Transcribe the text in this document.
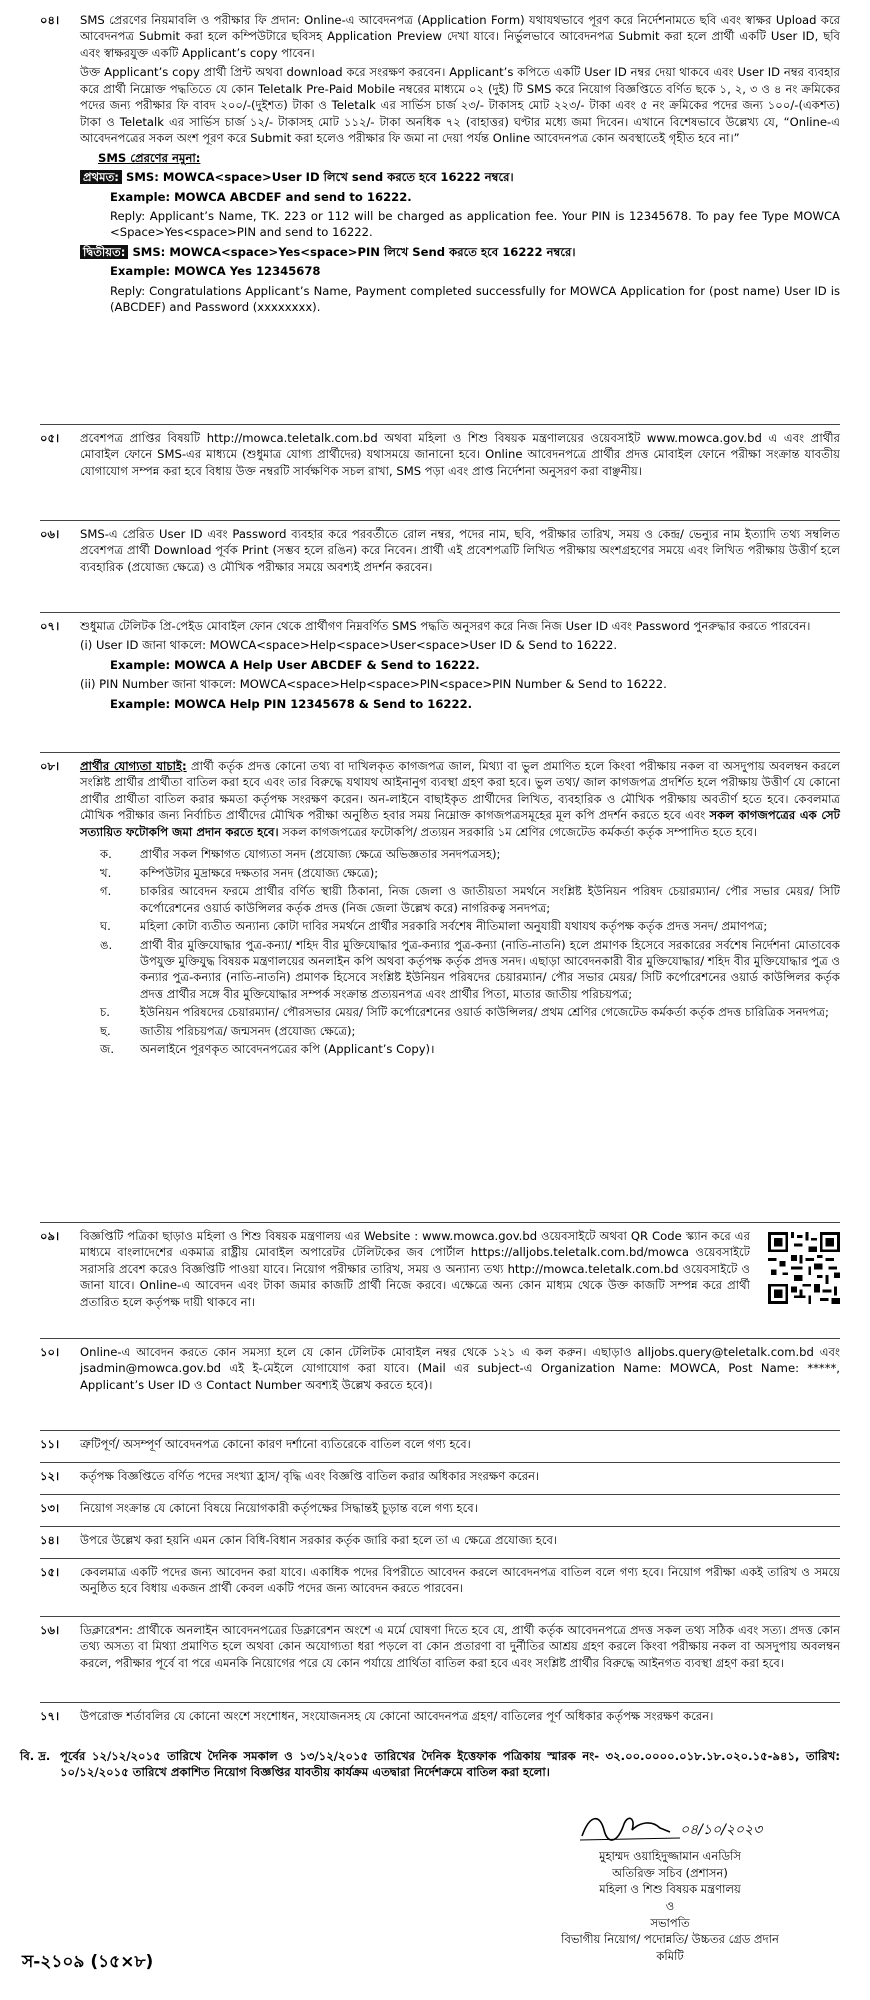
০৪।	SMS প্রেরণের নিয়মাবলি ও পরীক্ষার ফি প্রদান: Online-এ আবেদনপত্র (Application Form) যথাযথভাবে পূরণ করে নির্দেশনামতে ছবি এবং স্বাক্ষর Upload করে আবেদনপত্র Submit করা হলে কম্পিউটারে ছবিসহ Application Preview দেখা যাবে। নির্ভুলভাবে আবেদনপত্র Submit করা হলে প্রার্থী একটি User ID, ছবি এবং স্বাক্ষরযুক্ত একটি Applicant’s copy পাবেন।

উক্ত Applicant’s copy প্রার্থী প্রিন্ট অথবা download করে সংরক্ষণ করবেন। Applicant’s কপিতে একটি User ID নম্বর দেয়া থাকবে এবং User ID নম্বর ব্যবহার করে প্রার্থী নিম্নোক্ত পদ্ধতিতে যে কোন Teletalk Pre-Paid Mobile নম্বরের মাধ্যমে ০২ (দুই) টি SMS করে নিয়োগ বিজ্ঞপ্তিতে বর্ণিত ছকে ১, ২, ৩ ও ৪ নং ক্রমিকের পদের জন্য পরীক্ষার ফি বাবদ ২০০/-(দুইশত) টাকা ও Teletalk এর সার্ভিস চার্জ ২৩/- টাকাসহ মোট ২২৩/- টাকা এবং ৫ নং ক্রমিকের পদের জন্য ১০০/-(একশত) টাকা ও Teletalk এর সার্ভিস চার্জ ১২/- টাকাসহ মোট ১১২/- টাকা অনধিক ৭২ (বাহাত্তর) ঘণ্টার মধ্যে জমা দিবেন। এখানে বিশেষভাবে উল্লেখ্য যে, “Online-এ আবেদনপত্রের সকল অংশ পূরণ করে Submit করা হলেও পরীক্ষার ফি জমা না দেয়া পর্যন্ত Online আবেদনপত্র কোন অবস্থাতেই গৃহীত হবে না।”

SMS প্রেরণের নমুনা:

প্রথমত: SMS: MOWCA<space>User ID লিখে send করতে হবে 16222 নম্বরে।

Example: MOWCA ABCDEF and send to 16222.

Reply: Applicant’s Name, TK. 223 or 112 will be charged as application fee. Your PIN is 12345678. To pay fee Type MOWCA <Space>Yes<space>PIN and send to 16222.

দ্বিতীয়ত: SMS: MOWCA<space>Yes<space>PIN লিখে Send করতে হবে 16222 নম্বরে।

Example: MOWCA Yes 12345678

Reply: Congratulations Applicant’s Name, Payment completed successfully for MOWCA Application for (post name) User ID is (ABCDEF) and Password (xxxxxxxx).

০৫।	প্রবেশপত্র প্রাপ্তির বিষয়টি http://mowca.teletalk.com.bd অথবা মহিলা ও শিশু বিষয়ক মন্ত্রণালয়ের ওয়েবসাইট www.mowca.gov.bd এ এবং প্রার্থীর মোবাইল ফোনে SMS-এর মাধ্যমে (শুধুমাত্র যোগ্য প্রার্থীদের) যথাসময়ে জানানো হবে। Online আবেদনপত্রে প্রার্থীর প্রদত্ত মোবাইল ফোনে পরীক্ষা সংক্রান্ত যাবতীয় যোগাযোগ সম্পন্ন করা হবে বিধায় উক্ত নম্বরটি সার্বক্ষণিক সচল রাখা, SMS পড়া এবং প্রাপ্ত নির্দেশনা অনুসরণ করা বাঞ্ছনীয়।

০৬।	SMS-এ প্রেরিত User ID এবং Password ব্যবহার করে পরবর্তীতে রোল নম্বর, পদের নাম, ছবি, পরীক্ষার তারিখ, সময় ও কেন্দ্র/ ভেন্যুর নাম ইত্যাদি তথ্য সম্বলিত প্রবেশপত্র প্রার্থী Download পূর্বক Print (সম্ভব হলে রঙিন) করে নিবেন। প্রার্থী এই প্রবেশপত্রটি লিখিত পরীক্ষায় অংশগ্রহণের সময়ে এবং লিখিত পরীক্ষায় উত্তীর্ণ হলে ব্যবহারিক (প্রযোজ্য ক্ষেত্রে) ও মৌখিক পরীক্ষার সময়ে অবশ্যই প্রদর্শন করবেন।

০৭।	শুধুমাত্র টেলিটক প্রি-পেইড মোবাইল ফোন থেকে প্রার্থীগণ নিম্নবর্ণিত SMS পদ্ধতি অনুসরণ করে নিজ নিজ User ID এবং Password পুনরুদ্ধার করতে পারবেন।

(i) User ID জানা থাকলে: MOWCA<space>Help<space>User<space>User ID & Send to 16222.

Example: MOWCA A Help User ABCDEF & Send to 16222.

(ii) PIN Number জানা থাকলে: MOWCA<space>Help<space>PIN<space>PIN Number & Send to 16222.

Example: MOWCA Help PIN 12345678 & Send to 16222.

০৮।	প্রার্থীর যোগ্যতা যাচাই: প্রার্থী কর্তৃক প্রদত্ত কোনো তথ্য বা দাখিলকৃত কাগজপত্র জাল, মিথ্যা বা ভুল প্রমাণিত হলে কিংবা পরীক্ষায় নকল বা অসদুপায় অবলম্বন করলে সংশ্লিষ্ট প্রার্থীর প্রার্থীতা বাতিল করা হবে এবং তার বিরুদ্ধে যথাযথ আইনানুগ ব্যবস্থা গ্রহণ করা হবে। ভুল তথ্য/ জাল কাগজপত্র প্রদর্শিত হলে পরীক্ষায় উত্তীর্ণ যে কোনো প্রার্থীর প্রার্থীতা বাতিল করার ক্ষমতা কর্তৃপক্ষ সংরক্ষণ করেন। অন-লাইনে বাছাইকৃত প্রার্থীদের লিখিত, ব্যবহারিক ও মৌখিক পরীক্ষায় অবতীর্ণ হতে হবে। কেবলমাত্র মৌখিক পরীক্ষার জন্য নির্বাচিত প্রার্থীদের মৌখিক পরীক্ষা অনুষ্ঠিত হবার সময় নিম্নোক্ত কাগজপত্রসমূহের মূল কপি প্রদর্শন করতে হবে এবং সকল কাগজপত্রের এক সেট সত্যায়িত ফটোকপি জমা প্রদান করতে হবে। সকল কাগজপত্রের ফটোকপি/ প্রত্যয়ন সরকারি ১ম শ্রেণির গেজেটেড কর্মকর্তা কর্তৃক সম্পাদিত হতে হবে।

ক.	প্রার্থীর সকল শিক্ষাগত যোগ্যতা সনদ (প্রযোজ্য ক্ষেত্রে অভিজ্ঞতার সনদপত্রসহ);
খ.	কম্পিউটার মুদ্রাক্ষরে দক্ষতার সনদ (প্রযোজ্য ক্ষেত্রে);
গ.	চাকরির আবেদন ফরমে প্রার্থীর বর্ণিত স্থায়ী ঠিকানা, নিজ জেলা ও জাতীয়তা সমর্থনে সংশ্লিষ্ট ইউনিয়ন পরিষদ চেয়ারম্যান/ পৌর সভার মেয়র/ সিটি কর্পোরেশনের ওয়ার্ড কাউন্সিলর কর্তৃক প্রদত্ত (নিজ জেলা উল্লেখ করে) নাগরিকত্ব সনদপত্র;
ঘ.	মহিলা কোটা ব্যতীত অন্যান্য কোটা দাবির সমর্থনে প্রার্থীর সরকারি সর্বশেষ নীতিমালা অনুযায়ী যথাযথ কর্তৃপক্ষ কর্তৃক প্রদত্ত সনদ/ প্রমাণপত্র;
ঙ.	প্রার্থী বীর মুক্তিযোদ্ধার পুত্র-কন্যা/ শহিদ বীর মুক্তিযোদ্ধার পুত্র-কন্যার পুত্র-কন্যা (নাতি-নাতনি) হলে প্রমাণক হিসেবে সরকারের সর্বশেষ নির্দেশনা মোতাবেক উপযুক্ত মুক্তিযুদ্ধ বিষয়ক মন্ত্রণালয়ের অনলাইন কপি অথবা কর্তৃপক্ষ কর্তৃক প্রদত্ত সনদ। এছাড়া আবেদনকারী বীর মুক্তিযোদ্ধার/ শহিদ বীর মুক্তিযোদ্ধার পুত্র ও কন্যার পুত্র-কন্যার (নাতি-নাতনি) প্রমাণক হিসেবে সংশ্লিষ্ট ইউনিয়ন পরিষদের চেয়ারম্যান/ পৌর সভার মেয়র/ সিটি কর্পোরেশনের ওয়ার্ড কাউন্সিলর কর্তৃক প্রদত্ত প্রার্থীর সঙ্গে বীর মুক্তিযোদ্ধার সম্পর্ক সংক্রান্ত প্রত্যয়নপত্র এবং প্রার্থীর পিতা, মাতার জাতীয় পরিচয়পত্র;
চ.	ইউনিয়ন পরিষদের চেয়ারম্যান/ পৌরসভার মেয়র/ সিটি কর্পোরেশনের ওয়ার্ড কাউন্সিলর/ প্রথম শ্রেণির গেজেটেড কর্মকর্তা কর্তৃক প্রদত্ত চারিত্রিক সনদপত্র;
ছ.	জাতীয় পরিচয়পত্র/ জন্মসনদ (প্রযোজ্য ক্ষেত্রে);
জ.	অনলাইনে পূরণকৃত আবেদনপত্রের কপি (Applicant’s Copy)।
০৯।	বিজ্ঞপ্তিটি পত্রিকা ছাড়াও মহিলা ও শিশু বিষয়ক মন্ত্রণালয় এর Website : www.mowca.gov.bd ওয়েবসাইটে অথবা QR Code স্ক্যান করে এর মাধ্যমে বাংলাদেশের একমাত্র রাষ্ট্রীয় মোবাইল অপারেটর টেলিটকের জব পোর্টাল https://alljobs.teletalk.com.bd/mowca ওয়েবসাইটে সরাসরি প্রবেশ করেও বিজ্ঞপ্তিটি পাওয়া যাবে। নিয়োগ পরীক্ষার তারিখ, সময় ও অন্যান্য তথ্য http://mowca.teletalk.com.bd ওয়েবসাইটে ও জানা যাবে। Online-এ আবেদন এবং টাকা জমার কাজটি প্রার্থী নিজে করবে। এক্ষেত্রে অন্য কোন মাধ্যম থেকে উক্ত কাজটি সম্পন্ন করে প্রার্থী প্রতারিত হলে কর্তৃপক্ষ দায়ী থাকবে না।

১০।	Online-এ আবেদন করতে কোন সমস্যা হলে যে কোন টেলিটক মোবাইল নম্বর থেকে ১২১ এ কল করুন। এছাড়াও alljobs.query@teletalk.com.bd এবং jsadmin@mowca.gov.bd এই ই-মেইলে যোগাযোগ করা যাবে। (Mail এর subject-এ Organization Name: MOWCA, Post Name: *****, Applicant’s User ID ও Contact Number অবশ্যই উল্লেখ করতে হবে)।

১১।	ত্রুটিপূর্ণ/ অসম্পূর্ণ আবেদনপত্র কোনো কারণ দর্শানো ব্যতিরেকে বাতিল বলে গণ্য হবে।

১২।	কর্তৃপক্ষ বিজ্ঞপ্তিতে বর্ণিত পদের সংখ্যা হ্রাস/ বৃদ্ধি এবং বিজ্ঞপ্তি বাতিল করার অধিকার সংরক্ষণ করেন।

১৩।	নিয়োগ সংক্রান্ত যে কোনো বিষয়ে নিয়োগকারী কর্তৃপক্ষের সিদ্ধান্তই চূড়ান্ত বলে গণ্য হবে।

১৪।	উপরে উল্লেখ করা হয়নি এমন কোন বিধি-বিধান সরকার কর্তৃক জারি করা হলে তা এ ক্ষেত্রে প্রযোজ্য হবে।

১৫।	কেবলমাত্র একটি পদের জন্য আবেদন করা যাবে। একাধিক পদের বিপরীতে আবেদন করলে আবেদনপত্র বাতিল বলে গণ্য হবে। নিয়োগ পরীক্ষা একই তারিখ ও সময়ে অনুষ্ঠিত হবে বিধায় একজন প্রার্থী কেবল একটি পদের জন্য আবেদন করতে পারবেন।

১৬।	ডিক্লারেশন: প্রার্থীকে অনলাইন আবেদনপত্রের ডিক্লারেশন অংশে এ মর্মে ঘোষণা দিতে হবে যে, প্রার্থী কর্তৃক আবেদনপত্রে প্রদত্ত সকল তথ্য সঠিক এবং সত্য। প্রদত্ত কোন তথ্য অসত্য বা মিথ্যা প্রমাণিত হলে অথবা কোন অযোগ্যতা ধরা পড়লে বা কোন প্রতারণা বা দুর্নীতির আশ্রয় গ্রহণ করলে কিংবা পরীক্ষায় নকল বা অসদুপায় অবলম্বন করলে, পরীক্ষার পূর্বে বা পরে এমনকি নিয়োগের পরে যে কোন পর্যায়ে প্রার্থিতা বাতিল করা হবে এবং সংশ্লিষ্ট প্রার্থীর বিরুদ্ধে আইনগত ব্যবস্থা গ্রহণ করা হবে।

১৭।	উপরোক্ত শর্তাবলির যে কোনো অংশে সংশোধন, সংযোজনসহ যে কোনো আবেদনপত্র গ্রহণ/ বাতিলের পূর্ণ অধিকার কর্তৃপক্ষ সংরক্ষণ করেন।

বি. দ্র. পূর্বের ১২/১২/২০১৫ তারিখে দৈনিক সমকাল ও ১৩/১২/২০১৫ তারিখের দৈনিক ইত্তেফাক পত্রিকায় স্মারক নং- ৩২.০০.০০০০.০১৮.১৮.০২০.১৫-৯৪১, তারিখ: ১০/১২/২০১৫ তারিখে প্রকাশিত নিয়োগ বিজ্ঞপ্তির যাবতীয় কার্যক্রম এতদ্বারা নির্দেশক্রমে বাতিল করা হলো।
০৪/১০/২০২৩
মুহাম্মদ ওয়াহিদুজ্জামান এনডিসি
অতিরিক্ত সচিব (প্রশাসন)
মহিলা ও শিশু বিষয়ক মন্ত্রণালয়
ও
সভাপতি
বিভাগীয় নিয়োগ/ পদোন্নতি/ উচ্চতর গ্রেড প্রদান
কমিটি
স-২১০৯ (১৫×৮)
